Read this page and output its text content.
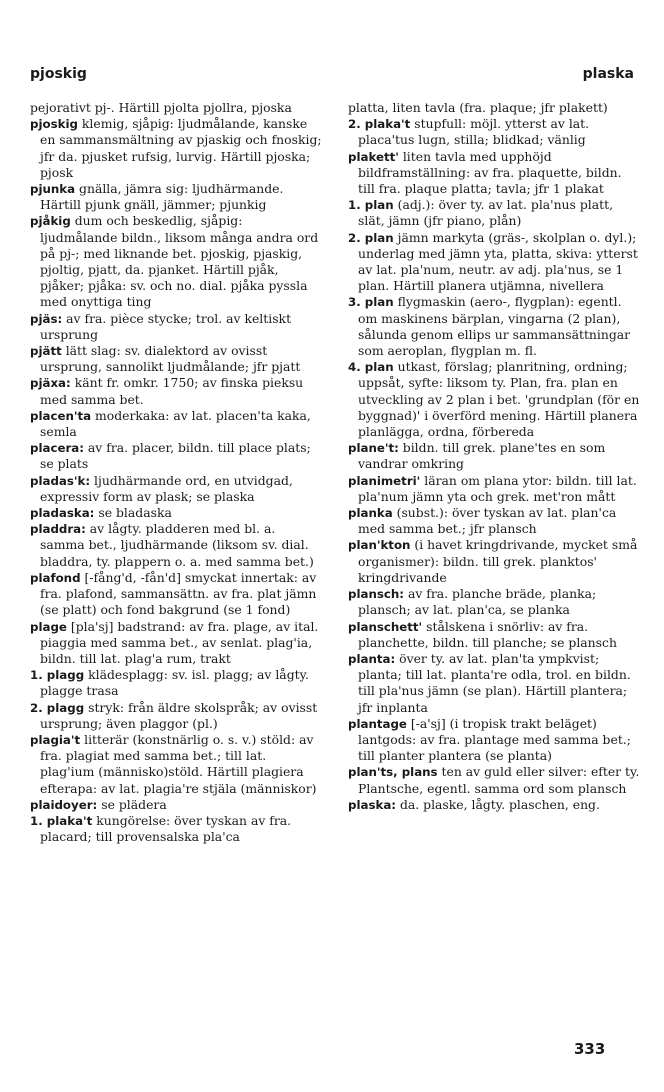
pjoskig	plaska

pejorativt pj-. Härtill pjolta pjollra, pjoska

pjoskig klemig, sjåpig: ljudmålande, kanske en sammansmältning av pjaskig och fnoskig; jfr da. pjusket rufsig, lurvig. Härtill pjoska; pjosk

pjunka gnälla, jämra sig: ljudhärmande. Härtill pjunk gnäll, jämmer; pjunkig

pjåkig dum och beskedlig, sjåpig: ljudmålande bildn., liksom många andra ord på pj-; med liknande bet. pjoskig, pjaskig, pjoltig, pjatt, da. pjanket. Härtill pjåk, pjåker; pjåka: sv. och no. dial. pjåka pyssla med onyttiga ting

pjäs: av fra. pièce stycke; trol. av keltiskt ursprung

pjätt lätt slag: sv. dialektord av ovisst ursprung, sannolikt ljudmålande; jfr pjatt

pjäxa: känt fr. omkr. 1750; av finska pieksu med samma bet.

placen'ta moderkaka: av lat. placen'ta kaka, semla

placera: av fra. placer, bildn. till place plats; se plats

pladas'k: ljudhärmande ord, en utvidgad, expressiv form av plask; se plaska

pladaska: se bladaska

pladdra: av lågty. pladderen med bl. a. samma bet., ljudhärmande (liksom sv. dial. bladdra, ty. plappern o. a. med samma bet.)

plafond [-fång'd, -fån'd] smyckat innertak: av fra. plafond, sammansättn. av fra. plat jämn (se platt) och fond bakgrund (se 1 fond)

plage [pla'sj] badstrand: av fra. plage, av ital. piaggia med samma bet., av senlat. plag'ia, bildn. till lat. plag'a rum, trakt

1. plagg klädesplagg: sv. isl. plagg; av lågty. plagge trasa

2. plagg stryk: från äldre skolspråk; av ovisst ursprung; även plaggor (pl.)

plagia't litterär (konstnärlig o. s. v.) stöld: av fra. plagiat med samma bet.; till lat. plag'ium (människo)stöld. Härtill plagiera efterapa: av lat. plagia're stjäla (människor)

plaidoyer: se plädera

1. plaka't kungörelse: över tyskan av fra. placard; till provensalska pla'ca

platta, liten tavla (fra. plaque; jfr plakett)

2. plaka't stupfull: möjl. ytterst av lat. placa'tus lugn, stilla; blidkad; vänlig

plakett' liten tavla med upphöjd bildframställning: av fra. plaquette, bildn. till fra. plaque platta; tavla; jfr 1 plakat

1. plan (adj.): över ty. av lat. pla'nus platt, slät, jämn (jfr piano, plån)

2. plan jämn markyta (gräs-, skolplan o. dyl.); underlag med jämn yta, platta, skiva: ytterst av lat. pla'num, neutr. av adj. pla'nus, se 1 plan. Härtill planera utjämna, nivellera

3. plan flygmaskin (aero-, flygplan): egentl. om maskinens bärplan, vingarna (2 plan), sålunda genom ellips ur sammansättningar som aeroplan, flygplan m. fl.

4. plan utkast, förslag; planritning, ordning; uppsåt, syfte: liksom ty. Plan, fra. plan en utveckling av 2 plan i bet. 'grundplan (för en byggnad)' i överförd mening. Härtill planera planlägga, ordna, förbereda

plane't: bildn. till grek. plane'tes en som vandrar omkring

planimetri' läran om plana ytor: bildn. till lat. pla'num jämn yta och grek. met'ron mått

planka (subst.): över tyskan av lat. plan'ca med samma bet.; jfr plansch

plan'kton (i havet kringdrivande, mycket små organismer): bildn. till grek. planktos' kringdrivande

plansch: av fra. planche bräde, planka; plansch; av lat. plan'ca, se planka

planschett' stålskena i snörliv: av fra. planchette, bildn. till planche; se plansch

planta: över ty. av lat. plan'ta ympkvist; planta; till lat. planta're odla, trol. en bildn. till pla'nus jämn (se plan). Härtill plantera; jfr inplanta

plantage [-a'sj] (i tropisk trakt beläget) lantgods: av fra. plantage med samma bet.; till planter plantera (se planta)

plan'ts, plans ten av guld eller silver: efter ty. Plantsche, egentl. samma ord som plansch

plaska: da. plaske, lågty. plaschen, eng.

333
